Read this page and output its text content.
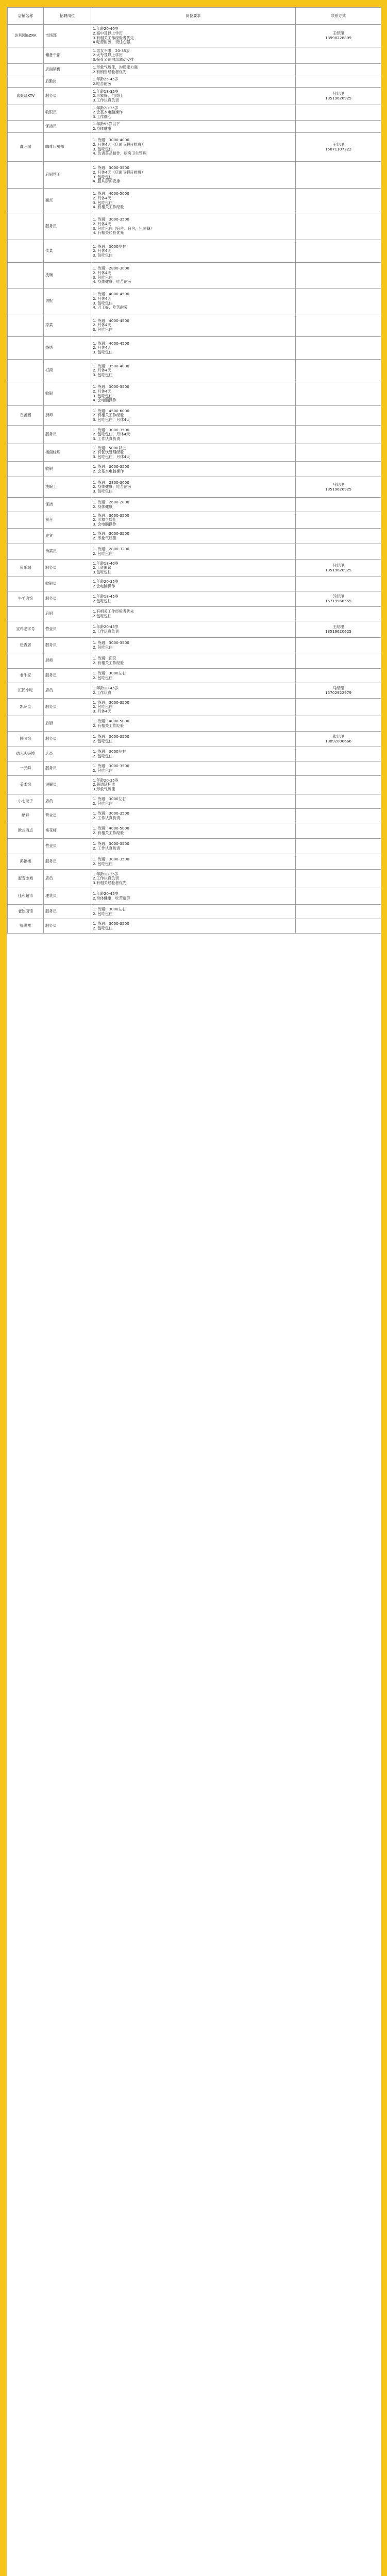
店铺名称	招聘岗位	岗位要求	联系方式
达利园&ZRA	市场部	1.年龄20-40岁
2.高中及以上学历
3.有相关工作经验者优先
4.吃苦耐劳，责任心强	王经理
13998228899

	储备干部	1.男女不限，20-35岁
2.大专及以上学历
3.接受公司内部调动安排	

	店面销售	1.形象气质佳，沟通能力强
2.有销售经验者优先	

	后勤岗	1.年龄25-45岁
2.吃苦耐劳	

喜聚@KTV	服务员	1.年龄18-35岁
2.形象好，气质佳
3.工作认真负责	吕经理
13519626925

	收银员	1.年龄20-35岁
2.会基本电脑操作
3.工作细心	

	保洁员	1.年龄55岁以下
2.身体健康	

鑫旺园	咖啡厅厨师	1. 待遇：3000-4000
2. 月休4天（店面节假日排班）
3. 包吃包住
4. 负责菜品制作，厨房卫生管理	王经理
15871107222

	后厨帮工	1. 待遇：3000-3500
2. 月休4天（店面节假日排班）
3. 包吃包住
4. 服从厨师安排	

	面点	1. 待遇：4000-5000
2. 月休4天
3. 包吃包住
4. 有相关工作经验	

	服务员	1. 待遇：3000-3500
2. 月休4天
3. 包吃包住（宿舍：宿舍，包两餐）
4. 有相关经验优先	

	传菜	1. 待遇：3000左右
2. 月休4天
3. 包吃包住	

	洗碗	1. 待遇：2800-3000
2. 月休4天
3. 包吃包住
4. 身体健康，吃苦耐劳	

	切配	1. 待遇：4000-4500
2. 月休4天
3. 包吃包住
4. 刀工好，吃苦耐劳	

	凉菜	1. 待遇：4000-4500
2. 月休4天
3. 包吃包住	

	烧烤	1. 待遇：4000-4500
2. 月休4天
3. 包吃包住	

	打荷	1. 待遇：3500-4000
2. 月休4天
3. 包吃包住	

	收银	1. 待遇：3000-3500
2. 月休4天
3. 包吃包住
4. 会电脑操作	

百鑫圆	厨师	1. 待遇：4500-6000
2. 有相关工作经验
3. 包吃包住，月休4天	

	服务员	1. 待遇：3000-3500
2. 包吃包住，月休4天
3. 工作认真负责	

	楼面经理	1. 待遇：5000以上
2. 有餐饮管理经验
3. 包吃包住，月休4天	

	收银	1. 待遇：3000-3500
2. 会基本电脑操作	

	洗碗工	1. 待遇：2800-3000
2. 身体健康，吃苦耐劳
3. 包吃包住	马经理
13519626925

	保洁	1. 待遇：2600-2800
2. 身体健康	

	前台	1. 待遇：3000-3500
2. 形象气质佳
3. 会电脑操作	

	迎宾	1. 待遇：3000-3500
2. 形象气质佳	

	传菜员	1. 待遇：2800-3200
2. 包吃包住	

鱼乐城	服务员	1.年龄18-40岁
2.工资面议
3.包吃包住	吕经理
13519626925

	收银员	1.年龄20-35岁
2.会电脑操作	

牛羊肉馆	服务员	1.年龄18-45岁
2.包吃包住	苏经理
15719966555

	后厨	1.有相关工作经验者优先
2.包吃包住	

宝鸡老字号	营业员	1.年龄20-45岁
2.工作认真负责	王经理
13519620625

烩香居	服务员	1. 待遇：3000-3500
2. 包吃包住	

	厨师	1. 待遇：面议
2. 有相关工作经验	

老牛家	服务员	1. 待遇：3000左右
2. 包吃包住	

汇民小吃	店员	1.年龄18-45岁
2.工作认真	马经理
15702922979

凯萨皇	服务员	1. 待遇：3000-3500
2. 包吃包住
3. 月休4天	

	后厨	1. 待遇：4000-5000
2. 有相关工作经验	

陕味馆	服务员	1. 待遇：3000-3500
2. 包吃包住	张经理
13892006666

德元肉夹馍	店员	1. 待遇：3000左右
2. 包吃包住	

一品鲜	服务员	1. 待遇：3000-3500
2. 包吃包住	

美术馆	讲解员	1.年龄20-35岁
2.普通话标准
3.形象气质佳	

小七饺子	店员	1. 待遇：3000左右
2. 包吃包住	

酷鲜	营业员	1. 待遇：3000-3500
2. 工作认真负责	

欧式西点	裱花师	1. 待遇：4000-5000
2. 有相关工作经验	

	营业员	1. 待遇：3000-3500
2. 工作认真负责	

鸿福楼	服务员	1. 待遇：3000-3500
2. 包吃包住	

蜜雪冰城	店员	1.年龄18-35岁
2.工作认真负责
3.有相关经验者优先	

佳和超市	理货员	1.年龄20-45岁
2.身体健康，吃苦耐劳	

老陕面馆	服务员	1. 待遇：3000左右
2. 包吃包住	

福满楼	服务员	1. 待遇：3000-3500
2. 包吃包住	
